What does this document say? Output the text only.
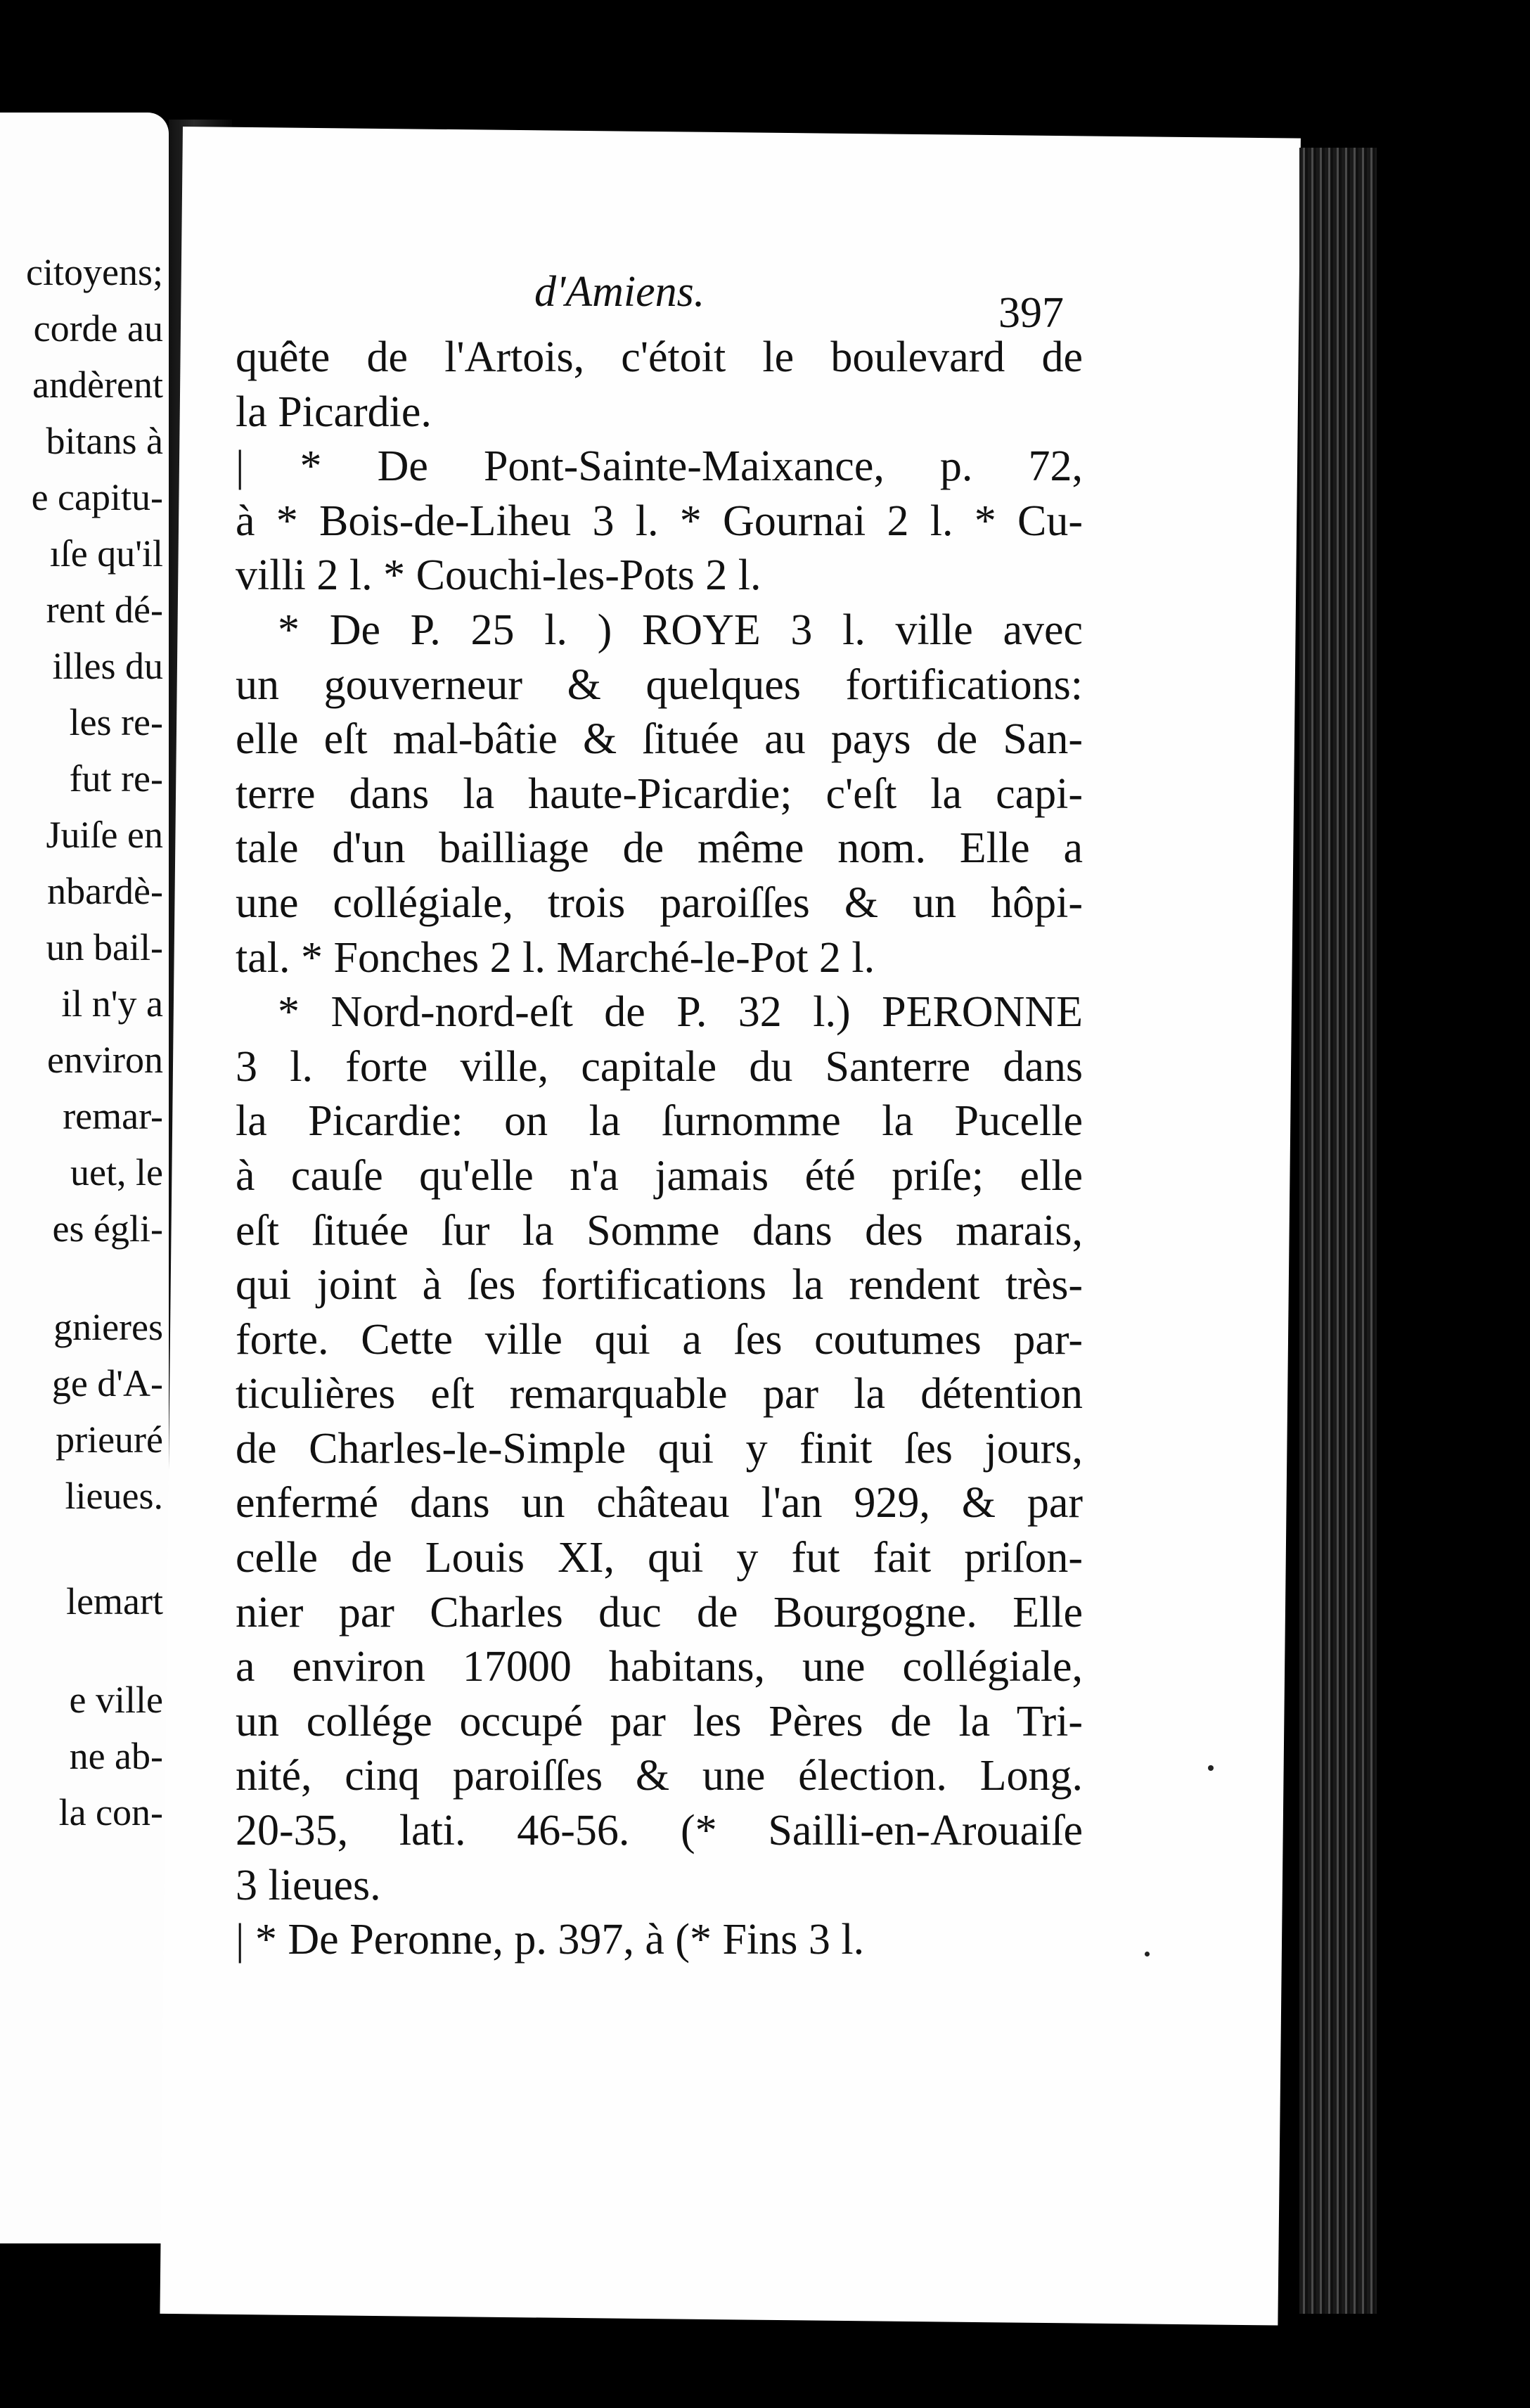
citoyens;
corde au
andèrent
bitans à
e capitu-
ıſe qu'il
rent dé-
illes du
les re-
fut re-
Juiſe en
nbardè-
un bail-
il n'y a
environ
remar-
uet, le
es égli-
gnieres
ge d'A-
prieuré
lieues.
lemart
e ville
ne ab-
la con-
d'Amiens.	397
quête de l'Artois, c'étoit le boulevard de
la Picardie.
| * De Pont-Sainte-Maixance, p. 72,
à * Bois-de-Liheu 3 l. * Gournai 2 l. * Cu-
villi 2 l. * Couchi-les-Pots 2 l.
* De P. 25 l. ) ROYE 3 l. ville avec
un gouverneur & quelques fortifications:
elle eſt mal-bâtie & ſituée au pays de San-
terre dans la haute-Picardie; c'eſt la capi-
tale d'un bailliage de même nom. Elle a
une collégiale, trois paroiſſes & un hôpi-
tal. * Fonches 2 l. Marché-le-Pot 2 l.
* Nord-nord-eſt de P. 32 l.) PERONNE
3 l. forte ville, capitale du Santerre dans
la Picardie: on la ſurnomme la Pucelle
à cauſe qu'elle n'a jamais été priſe; elle
eſt ſituée ſur la Somme dans des marais,
qui joint à ſes fortifications la rendent très-
forte. Cette ville qui a ſes coutumes par-
ticulières eſt remarquable par la détention
de Charles-le-Simple qui y finit ſes jours,
enfermé dans un château l'an 929, & par
celle de Louis XI, qui y fut fait priſon-
nier par Charles duc de Bourgogne. Elle
a environ 17000 habitans, une collégiale,
un collége occupé par les Pères de la Tri-
nité, cinq paroiſſes & une élection. Long.
20-35, lati. 46-56. (* Sailli-en-Arouaiſe
3 lieues.
| * De Peronne, p. 397, à (* Fins 3 l.
